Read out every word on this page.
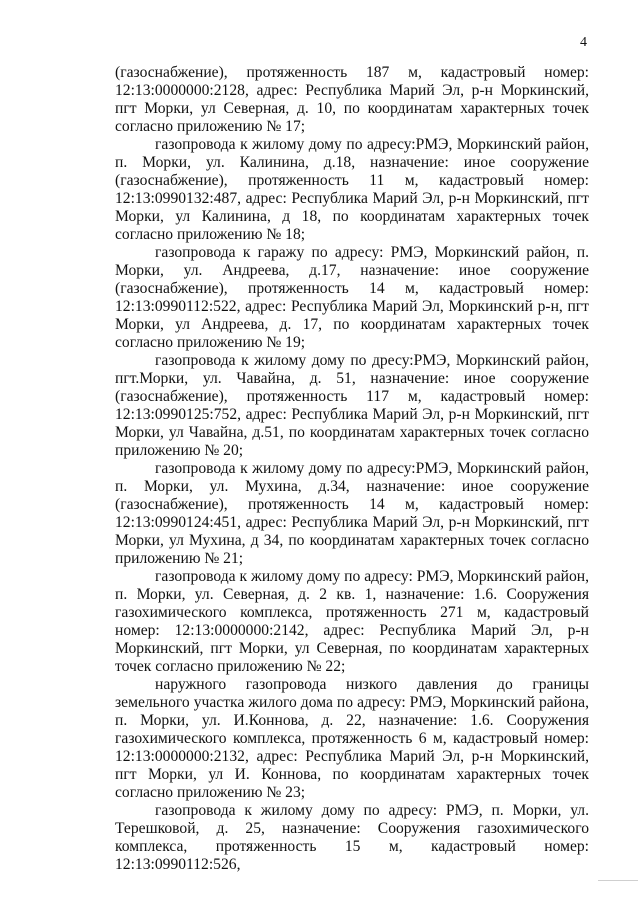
4

(газоснабжение), протяженность 187 м, кадастровый номер: 12:13:0000000:2128, адрес: Республика Марий Эл, р-н Моркинский, пгт Морки, ул Северная, д. 10, по координатам характерных точек согласно приложению № 17;

газопровода к жилому дому по адресу:РМЭ, Моркинский район, п. Морки, ул. Калинина, д.18, назначение: иное сооружение (газоснабжение), протяженность 11 м, кадастровый номер: 12:13:0990132:487, адрес: Республика Марий Эл, р-н Моркинский, пгт Морки, ул Калинина, д 18, по координатам характерных точек согласно приложению № 18;

газопровода к гаражу по адресу: РМЭ, Моркинский район, п. Морки, ул. Андреева, д.17, назначение: иное сооружение (газоснабжение), протяженность 14 м, кадастровый номер: 12:13:0990112:522, адрес: Республика Марий Эл, Моркинский р-н, пгт Морки, ул Андреева, д. 17, по координатам характерных точек согласно приложению № 19;

газопровода к жилому дому по дресу:РМЭ, Моркинский район, пгт.Морки, ул. Чавайна, д. 51, назначение: иное сооружение (газоснабжение), протяженность 117 м, кадастровый номер: 12:13:0990125:752, адрес: Республика Марий Эл, р-н Моркинский, пгт Морки, ул Чавайна, д.51, по координатам характерных точек согласно приложению № 20;

газопровода к жилому дому по адресу:РМЭ, Моркинский район, п. Морки, ул. Мухина, д.34, назначение: иное сооружение (газоснабжение), протяженность 14 м, кадастровый номер: 12:13:0990124:451, адрес: Республика Марий Эл, р-н Моркинский, пгт Морки, ул Мухина, д 34, по координатам характерных точек согласно приложению № 21;

газопровода к жилому дому по адресу: РМЭ, Моркинский район, п. Морки, ул. Северная, д. 2 кв. 1, назначение: 1.6. Сооружения газохимического комплекса, протяженность 271 м, кадастровый номер: 12:13:0000000:2142, адрес: Республика Марий Эл, р-н Моркинский, пгт Морки, ул Северная, по координатам характерных точек согласно приложению № 22;

наружного газопровода низкого давления до границы земельного участка жилого дома по адресу: РМЭ, Моркинский района, п. Морки, ул. И.Коннова, д. 22, назначение: 1.6. Сооружения газохимического комплекса, протяженность 6 м, кадастровый номер: 12:13:0000000:2132, адрес: Республика Марий Эл, р-н Моркинский, пгт Морки, ул И. Коннова, по координатам характерных точек согласно приложению № 23;

газопровода к жилому дому по адресу: РМЭ, п. Морки, ул. Терешковой, д. 25, назначение: Сооружения газохимического комплекса, протяженность 15 м, кадастровый номер: 12:13:0990112:526,
